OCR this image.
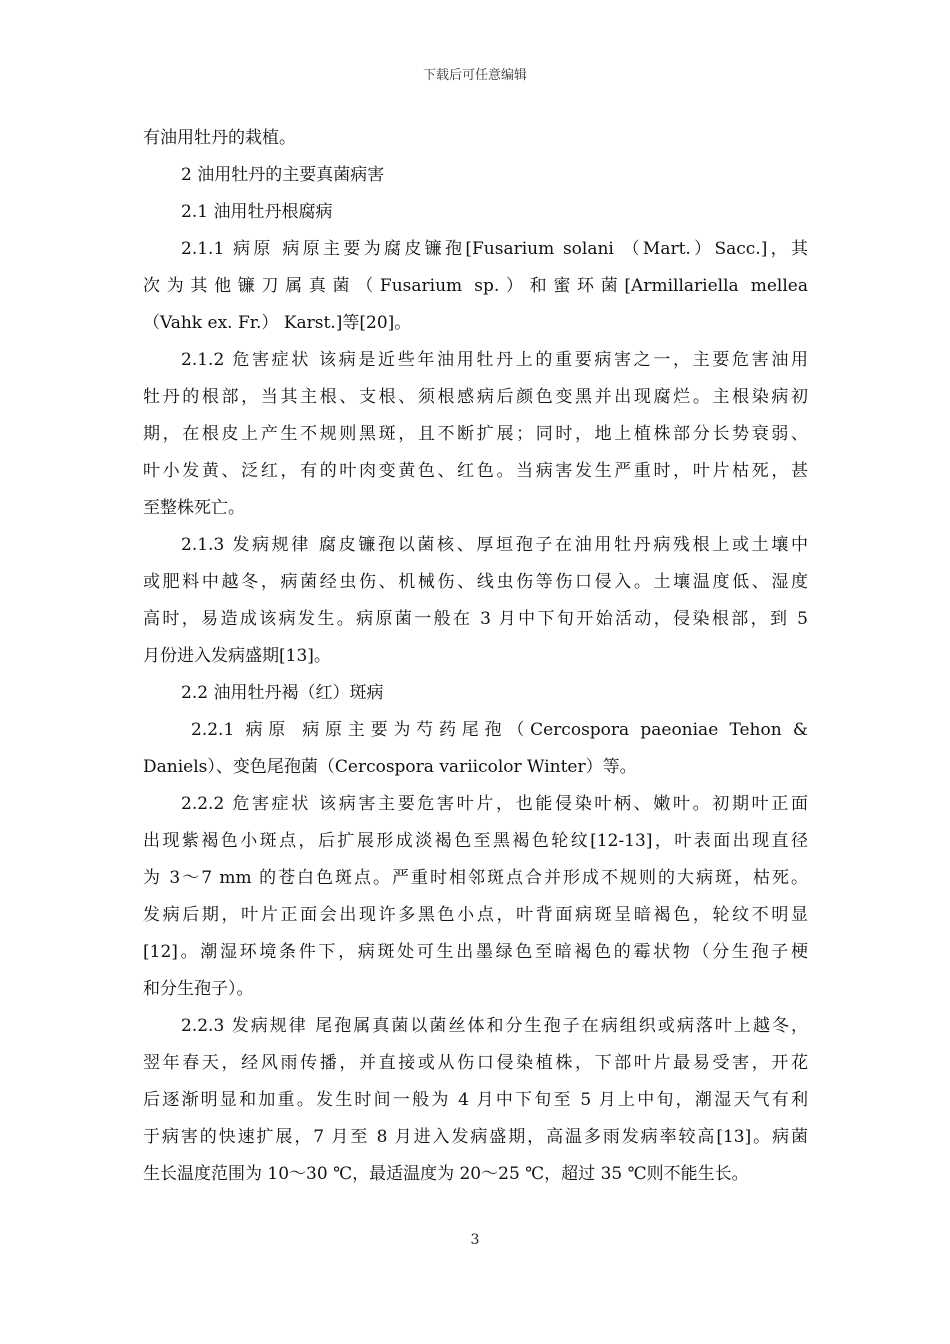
下载后可任意编辑
有油用牡丹的栽植。
2 油用牡丹的主要真菌病害
2.1 油用牡丹根腐病
2.1.1 病原 病原主要为腐皮镰孢[Fusarium solani （Mart.）Sacc.]，其
次为其他镰刀属真菌（Fusarium sp.）和蜜环菌[Armillariella mellea
（Vahk ex. Fr.） Karst.]等[20]。
2.1.2 危害症状 该病是近些年油用牡丹上的重要病害之一，主要危害油用
牡丹的根部，当其主根、支根、须根感病后颜色变黑并出现腐烂。主根染病初
期，在根皮上产生不规则黑斑，且不断扩展；同时，地上植株部分长势衰弱、
叶小发黄、泛红，有的叶肉变黄色、红色。当病害发生严重时，叶片枯死，甚
至整株死亡。
2.1.3 发病规律 腐皮镰孢以菌核、厚垣孢子在油用牡丹病残根上或土壤中
或肥料中越冬，病菌经虫伤、机械伤、线虫伤等伤口侵入。土壤温度低、湿度
高时，易造成该病发生。病原菌一般在 3 月中下旬开始活动，侵染根部，到 5
月份进入发病盛期[13]。
2.2 油用牡丹褐（红）斑病
2.2.1 病原 病原主要为芍药尾孢（Cercospora paeoniae Tehon &
Daniels）、变色尾孢菌（Cercospora variicolor Winter）等。
2.2.2 危害症状 该病害主要危害叶片，也能侵染叶柄、嫩叶。初期叶正面
出现紫褐色小斑点，后扩展形成淡褐色至黑褐色轮纹[12-13]，叶表面出现直径
为 3～7 mm 的苍白色斑点。严重时相邻斑点合并形成不规则的大病斑，枯死。
发病后期，叶片正面会出现许多黑色小点，叶背面病斑呈暗褐色，轮纹不明显
[12]。潮湿环境条件下，病斑处可生出墨绿色至暗褐色的霉状物（分生孢子梗
和分生孢子）。
2.2.3 发病规律 尾孢属真菌以菌丝体和分生孢子在病组织或病落叶上越冬，
翌年春天，经风雨传播，并直接或从伤口侵染植株，下部叶片最易受害，开花
后逐渐明显和加重。发生时间一般为 4 月中下旬至 5 月上中旬，潮湿天气有利
于病害的快速扩展，7 月至 8 月进入发病盛期，高温多雨发病率较高[13]。病菌
生长温度范围为 10～30 ℃，最适温度为 20～25 ℃，超过 35 ℃则不能生长。
3
